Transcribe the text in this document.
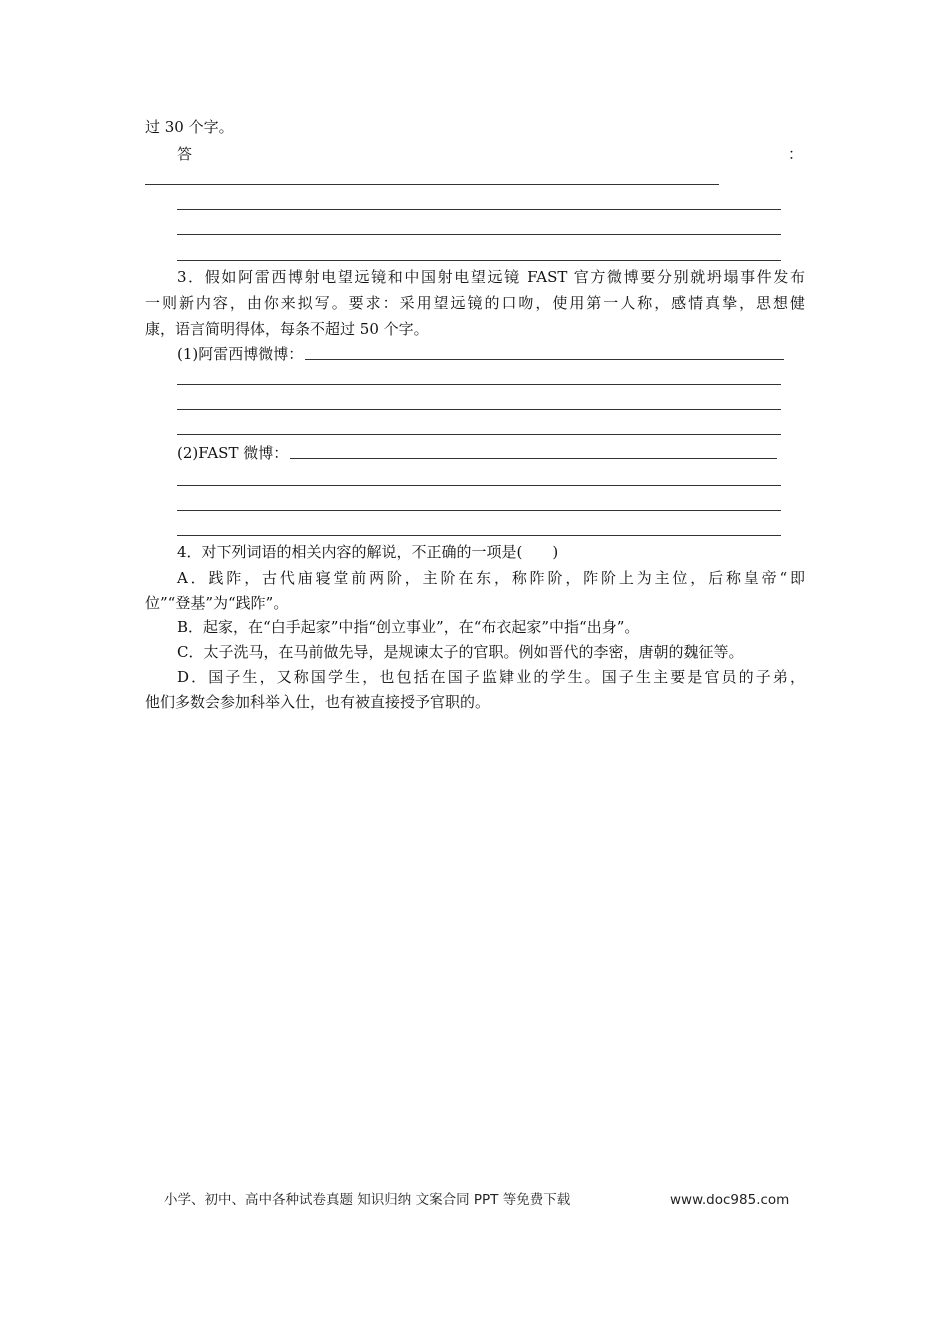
过 30 个字。
答	：
3．假如阿雷西博射电望远镜和中国射电望远镜 FAST 官方微博要分别就坍塌事件发布
一则新内容，由你来拟写。要求：采用望远镜的口吻，使用第一人称，感情真挚，思想健
康，语言简明得体，每条不超过 50 个字。
(1)阿雷西博微博：
(2)FAST 微博：
4．对下列词语的相关内容的解说，不正确的一项是(　　)
A．践阼，古代庙寝堂前两阶，主阶在东，称阼阶，阼阶上为主位，后称皇帝“即
位”“登基”为“践阼”。
B．起家，在“白手起家”中指“创立事业”，在“布衣起家”中指“出身”。
C．太子洗马，在马前做先导，是规谏太子的官职。例如晋代的李密，唐朝的魏征等。
D．国子生，又称国学生，也包括在国子监肄业的学生。国子生主要是官员的子弟，
他们多数会参加科举入仕，也有被直接授予官职的。
小学、初中、高中各种试卷真题 知识归纳 文案合同 PPT 等免费下载	www.doc985.com
